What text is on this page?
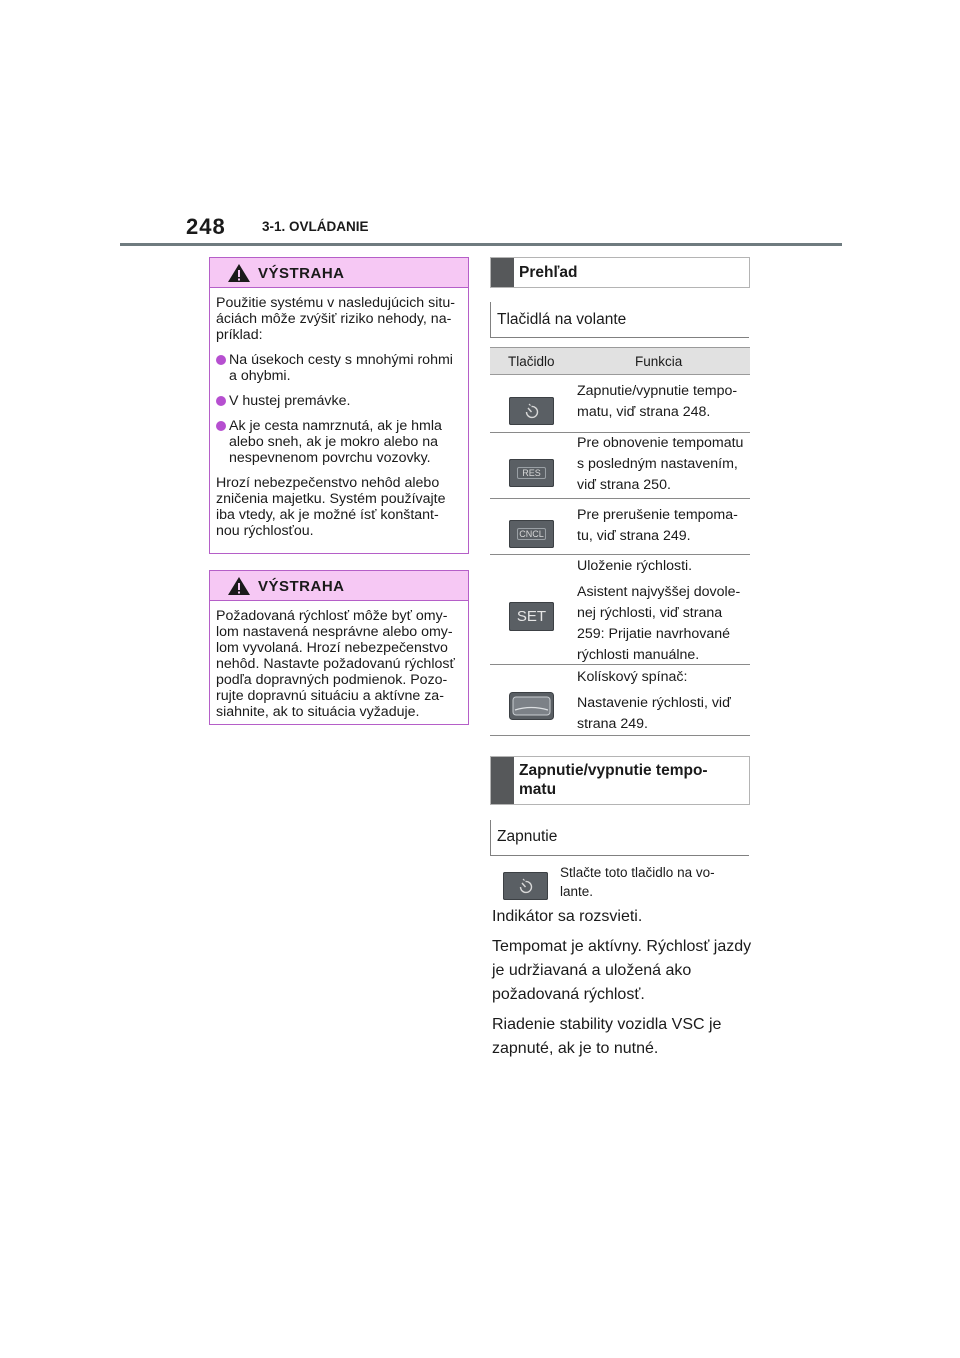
248	3-1. OVLÁDANIE
VÝSTRAHA

Použitie systému v nasledujúcich situ-áciách môže zvýšiť riziko nehody, na-príklad:

Na úsekoch cesty s mnohými rohmi a ohybmi.
V hustej premávke.
Ak je cesta namrznutá, ak je hmla alebo sneh, ak je mokro alebo na nespevnenom povrchu vozovky.

Hrozí nebezpečenstvo nehôd alebo zničenia majetku. Systém používajte iba vtedy, ak je možné ísť konštant-nou rýchlosťou.

VÝSTRAHA

Požadovaná rýchlosť môže byť omy-lom nastavená nesprávne alebo omy-lom vyvolaná. Hrozí nebezpečenstvo nehôd. Nastavte požadovanú rýchlosť podľa dopravných podmienok. Pozo-rujte dopravnú situáciu a aktívne za-siahnite, ak to situácia vyžaduje.

Prehľad
Tlačidlá na volante
Tlačidlo	Funkcia

Zapnutie/vypnutie tempo-matu, viď strana 248.

RES

Pre obnovenie tempomatu s posledným nastavením, viď strana 250.

CNCL

Pre prerušenie tempoma-tu, viď strana 249.

SET

Uloženie rýchlosti.

Asistent najvyššej dovole-nej rýchlosti, viď strana 259: Prijatie navrhované rýchlosti manuálne.

Kolískový spínač:

Nastavenie rýchlosti, viď strana 249.

Zapnutie/vypnutie tempo-matu
Zapnutie
Stlačte toto tlačidlo na vo-lante.

Indikátor sa rozsvieti.

Tempomat je aktívny. Rýchlosť jazdy je udržiavaná a uložená ako požadovaná rýchlosť.

Riadenie stability vozidla VSC je zapnuté, ak je to nutné.
